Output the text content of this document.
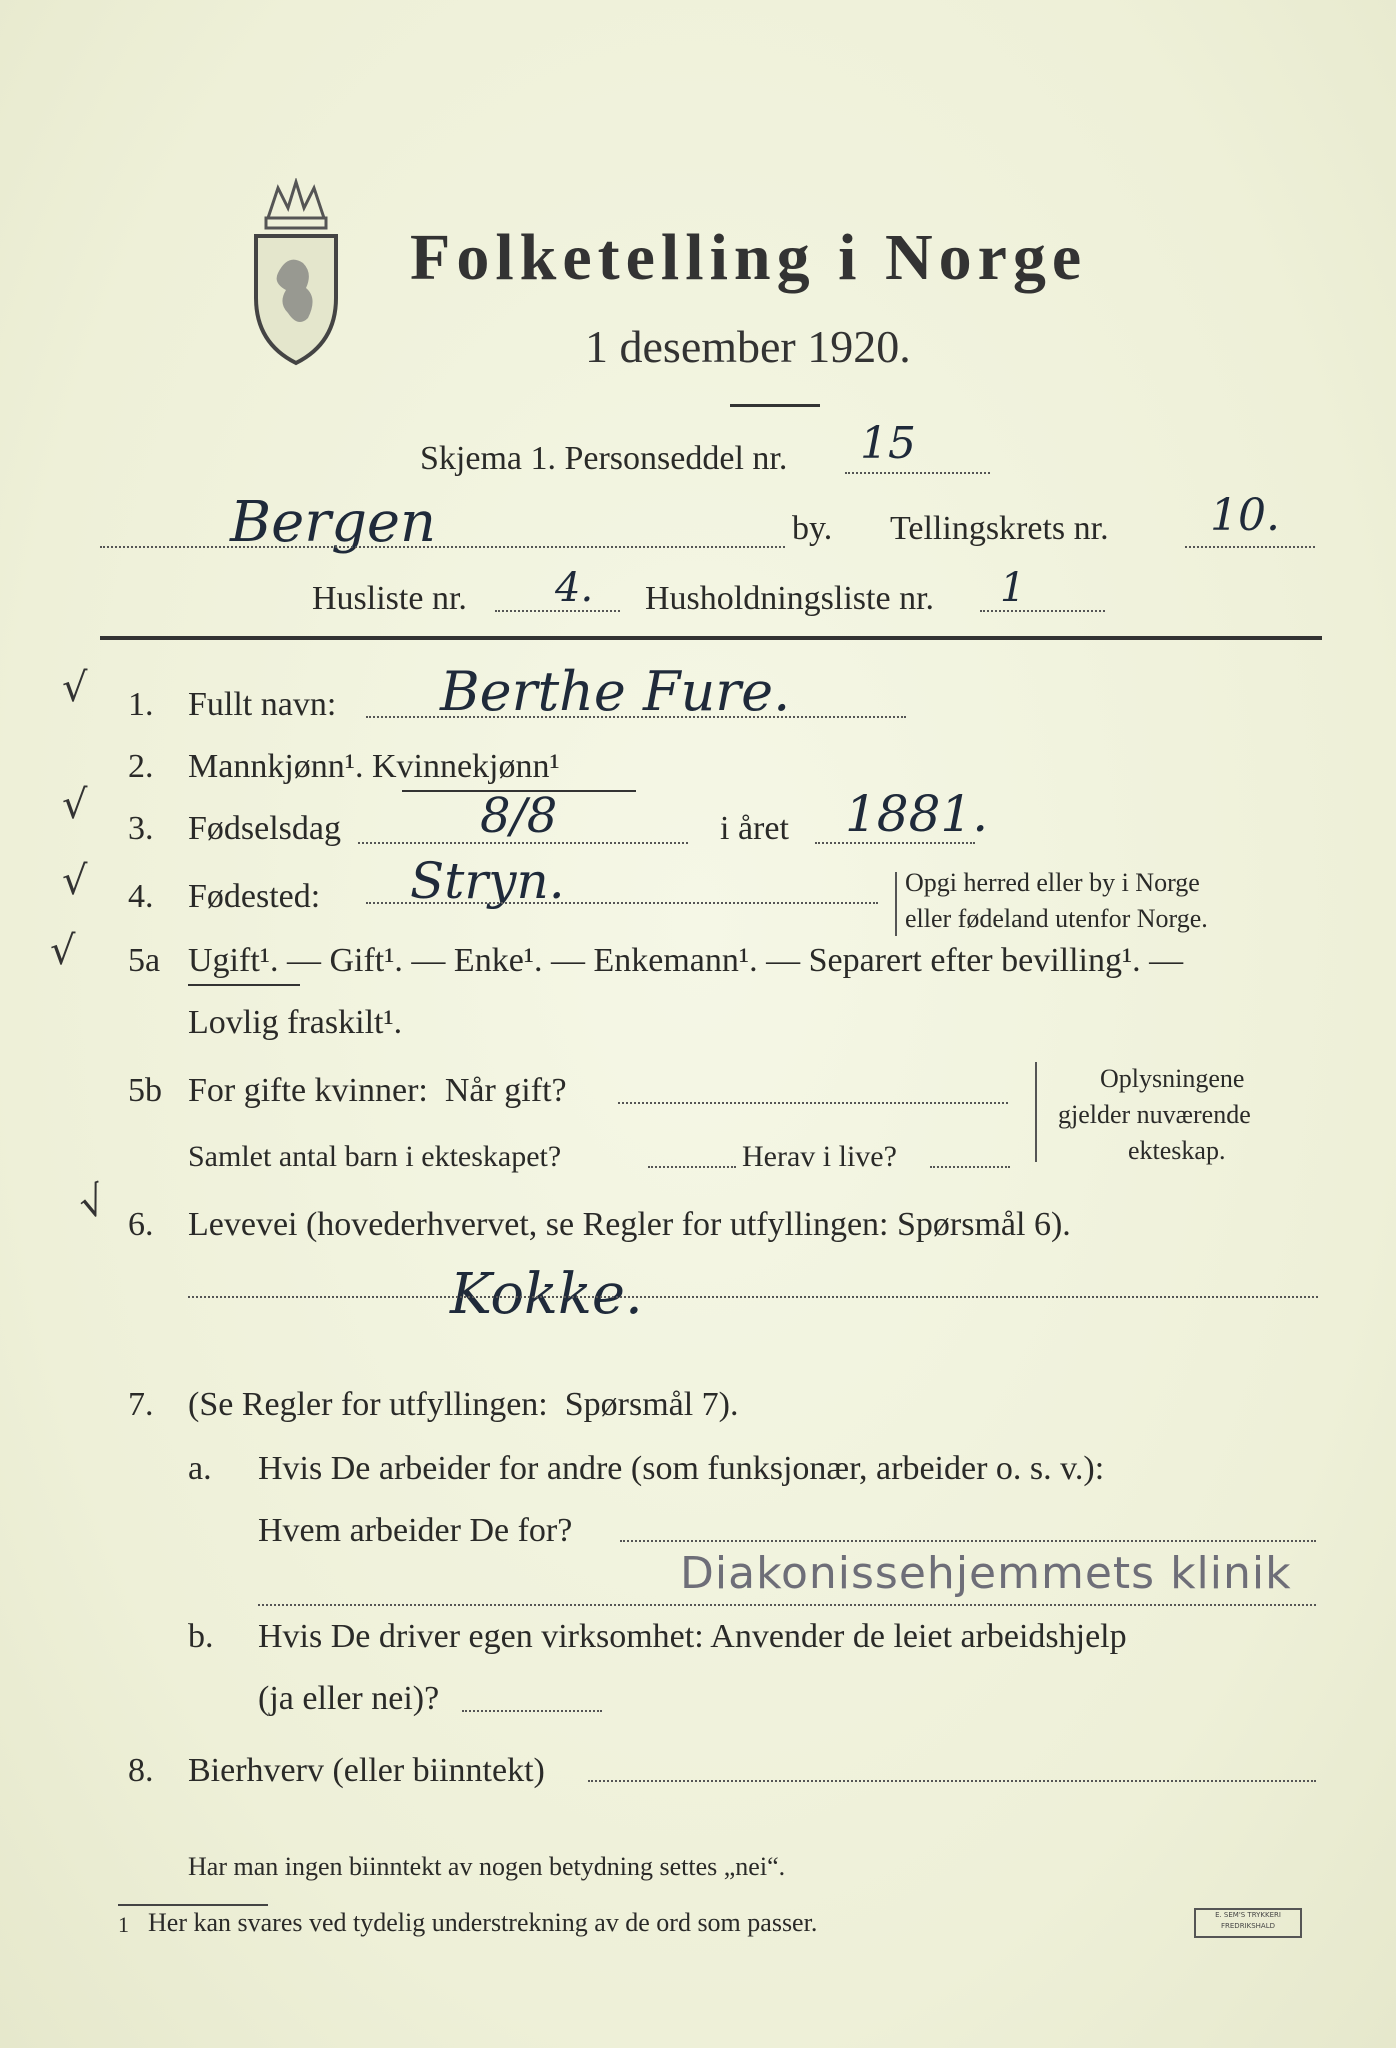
Folketelling i Norge
1 desember 1920.
Skjema 1. Personseddel nr. 15
Bergen	by. Tellingskrets nr. 10.
Husliste nr. 4. Husholdningsliste nr. 1
√
√
√
√
√
1. Fullt navn: Berthe Fure.
2. Mannkjønn¹. Kvinnekjønn¹
3. Fødselsdag	8/8	i året 1881.
4. Fødested: Stryn.	Opgi herred eller by i Norge
eller fødeland utenfor Norge.
5a Ugift¹. — Gift¹. — Enke¹. — Enkemann¹. — Separert efter bevilling¹. —
Lovlig fraskilt¹.
5b For gifte kvinner:  Når gift?
Samlet antal barn i ekteskapet?	Herav i live?
Oplysningene
gjelder nuværende
ekteskap.
6. Levevei (hovederhvervet, se Regler for utfyllingen: Spørsmål 6).
Kokke.
7. (Se Regler for utfyllingen:  Spørsmål 7).
a. Hvis De arbeider for andre (som funksjonær, arbeider o. s. v.):
Hvem arbeider De for?
Diakonissehjemmets klinik
b. Hvis De driver egen virksomhet: Anvender de leiet arbeidshjelp
(ja eller nei)?
8. Bierhverv (eller biinntekt)
Har man ingen biinntekt av nogen betydning settes „nei“.
1 Her kan svares ved tydelig understrekning av de ord som passer.	E. SEM'S TRYKKERI FREDRIKSHALD
